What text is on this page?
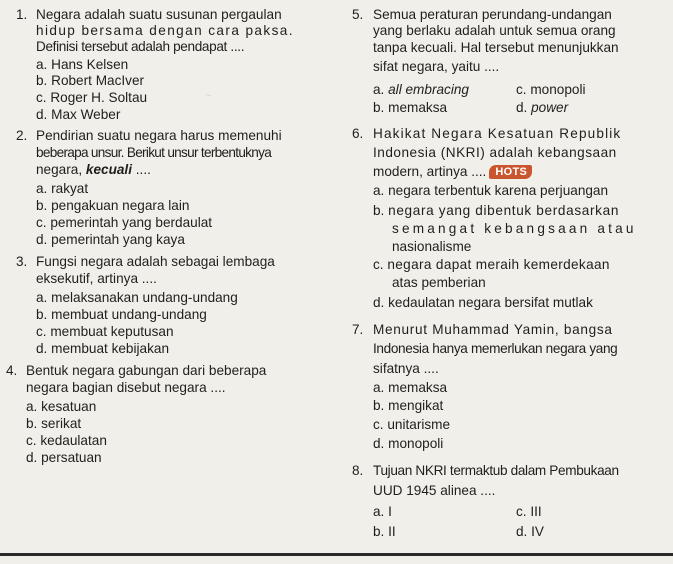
~
1. Negara adalah suatu susunan pergaulan
hidup bersama dengan cara paksa.
Definisi tersebut adalah pendapat ....
a. Hans Kelsen
b. Robert MacIver
c. Roger H. Soltau
d. Max Weber
2. Pendirian suatu negara harus memenuhi
beberapa unsur. Berikut unsur terbentuknya
negara, kecuali ....
a. rakyat
b. pengakuan negara lain
c. pemerintah yang berdaulat
d. pemerintah yang kaya
3. Fungsi negara adalah sebagai lembaga
eksekutif, artinya ....
a. melaksanakan undang-undang
b. membuat undang-undang
c. membuat keputusan
d. membuat kebijakan
4. Bentuk negara gabungan dari beberapa
negara bagian disebut negara ....
a. kesatuan
b. serikat
c. kedaulatan
d. persatuan
5. Semua peraturan perundang-undangan
yang berlaku adalah untuk semua orang
tanpa kecuali. Hal tersebut menunjukkan
sifat negara, yaitu ....
a. all embracing	c. monopoli
b. memaksa	d. power
6. Hakikat Negara Kesatuan Republik
Indonesia (NKRI) adalah kebangsaan
modern, artinya .... HOTS
a. negara terbentuk karena perjuangan
b. negara yang dibentuk berdasarkan
semangat kebangsaan atau
nasionalisme
c. negara dapat meraih kemerdekaan
atas pemberian
d. kedaulatan negara bersifat mutlak
7. Menurut Muhammad Yamin, bangsa
Indonesia hanya memerlukan negara yang
sifatnya ....
a. memaksa
b. mengikat
c. unitarisme
d. monopoli
8. Tujuan NKRI termaktub dalam Pembukaan
UUD 1945 alinea ....
a. I	c. III
b. II	d. IV
